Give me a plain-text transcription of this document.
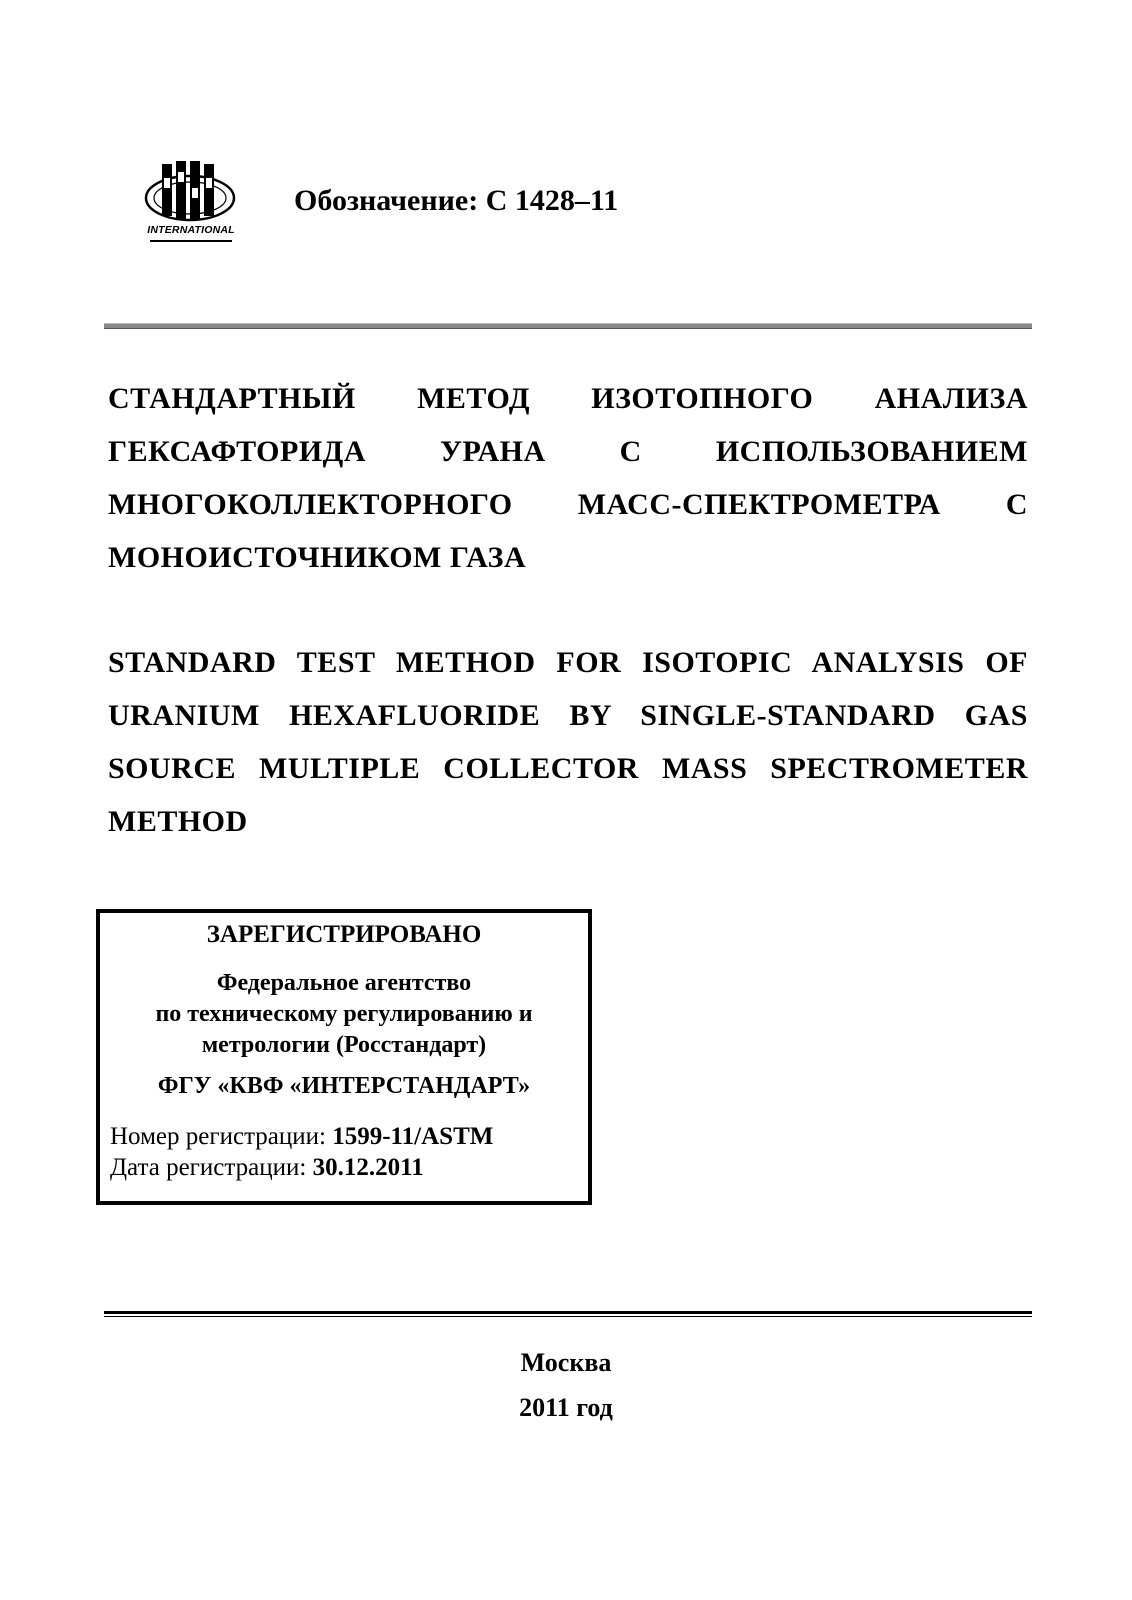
INTERNATIONAL
Обозначение: С 1428–11
СТАНДАРТНЫЙ МЕТОД ИЗОТОПНОГО АНАЛИЗА ГЕКСАФТОРИДА УРАНА С ИСПОЛЬЗОВАНИЕМ МНОГОКОЛЛЕКТОРНОГО МАСС-СПЕКТРОМЕТРА С МОНОИСТОЧНИКОМ ГАЗА
STANDARD TEST METHOD FOR ISOTOPIC ANALYSIS OF URANIUM HEXAFLUORIDE BY SINGLE-STANDARD GAS SOURCE MULTIPLE COLLECTOR MASS SPECTROMETER METHOD
ЗАРЕГИСТРИРОВАНО
Федеральное агентство
по техническому регулированию и
метрологии (Росстандарт)
ФГУ «КВФ «ИНТЕРСТАНДАРТ»
Номер регистрации: 1599-11/ASTM
Дата регистрации: 30.12.2011
Москва
2011 год
